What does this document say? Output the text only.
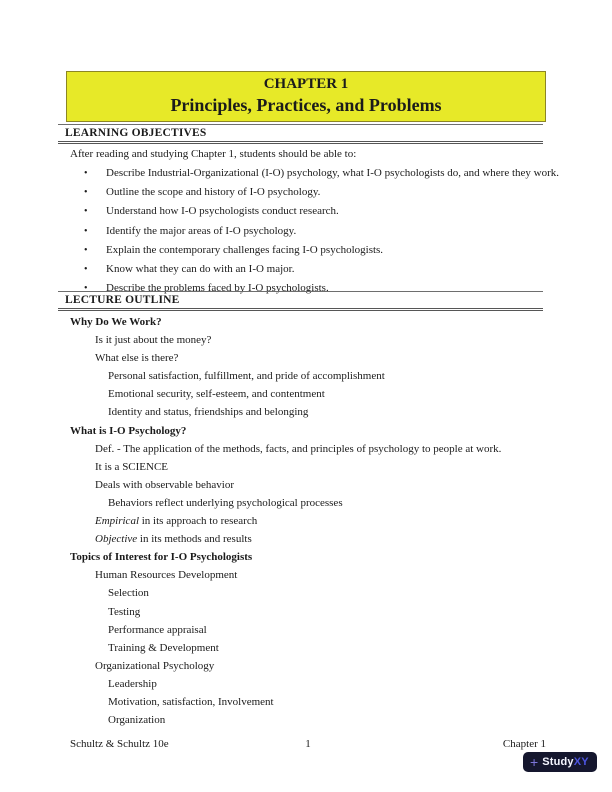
CHAPTER 1
Principles, Practices, and Problems
LEARNING OBJECTIVES

After reading and studying Chapter 1, students should be able to:

• Describe Industrial-Organizational (I-O) psychology, what I-O psychologists do, and where they work.
• Outline the scope and history of I-O psychology.
• Understand how I-O psychologists conduct research.
• Identify the major areas of I-O psychology.
• Explain the contemporary challenges facing I-O psychologists.
• Know what they can do with an I-O major.
• Describe the problems faced by I-O psychologists.
LECTURE OUTLINE
Why Do We Work?
Is it just about the money?
What else is there?
Personal satisfaction, fulfillment, and pride of accomplishment
Emotional security, self-esteem, and contentment
Identity and status, friendships and belonging
What is I-O Psychology?
Def. - The application of the methods, facts, and principles of psychology to people at work.
It is a SCIENCE
Deals with observable behavior
Behaviors reflect underlying psychological processes
Empirical in its approach to research
Objective in its methods and results
Topics of Interest for I-O Psychologists
Human Resources Development
Selection
Testing
Performance appraisal
Training & Development
Organizational Psychology
Leadership
Motivation, satisfaction, Involvement
Organization
Schultz & Schultz 10e	1	Chapter 1
+ StudyXY
